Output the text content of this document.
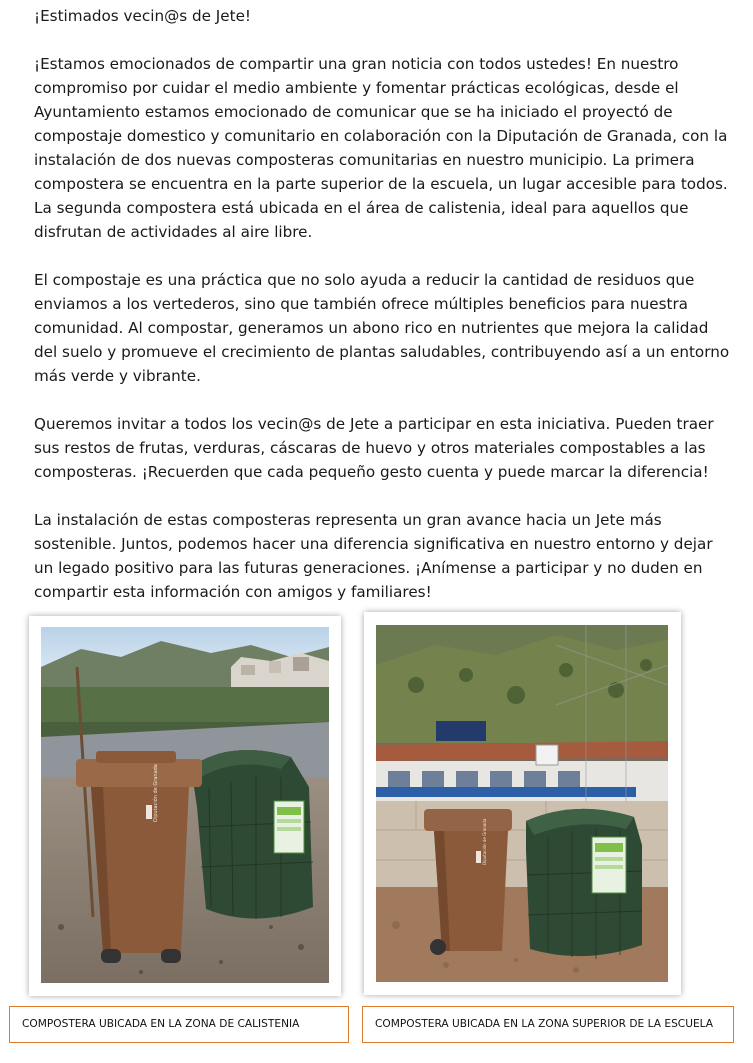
¡Estimados vecin@s de Jete!

¡Estamos emocionados de compartir una gran noticia con todos ustedes! En nuestro compromiso por cuidar el medio ambiente y fomentar prácticas ecológicas, desde el Ayuntamiento estamos emocionado de comunicar que se ha iniciado el proyectó de compostaje domestico y comunitario en colaboración con la Diputación de Granada, con la instalación de dos nuevas composteras comunitarias en nuestro municipio. La primera compostera se encuentra en la parte superior de la escuela, un lugar accesible para todos. La segunda compostera está ubicada en el área de calistenia, ideal para aquellos que disfrutan de actividades al aire libre.

El compostaje es una práctica que no solo ayuda a reducir la cantidad de residuos que enviamos a los vertederos, sino que también ofrece múltiples beneficios para nuestra comunidad. Al compostar, generamos un abono rico en nutrientes que mejora la calidad del suelo y promueve el crecimiento de plantas saludables, contribuyendo así a un entorno más verde y vibrante.

Queremos invitar a todos los vecin@s de Jete a participar en esta iniciativa. Pueden traer sus restos de frutas, verduras, cáscaras de huevo y otros materiales compostables a las composteras. ¡Recuerden que cada pequeño gesto cuenta y puede marcar la diferencia!

La instalación de estas composteras representa un gran avance hacia un Jete más sostenible. Juntos, podemos hacer una diferencia significativa en nuestro entorno y dejar un legado positivo para las futuras generaciones. ¡Anímense a participar y no duden en compartir esta información con amigos y familiares!

Diputación de Granada
Diputación de Granada
COMPOSTERA UBICADA EN LA ZONA DE CALISTENIA	COMPOSTERA UBICADA EN LA ZONA SUPERIOR DE LA ESCUELA
